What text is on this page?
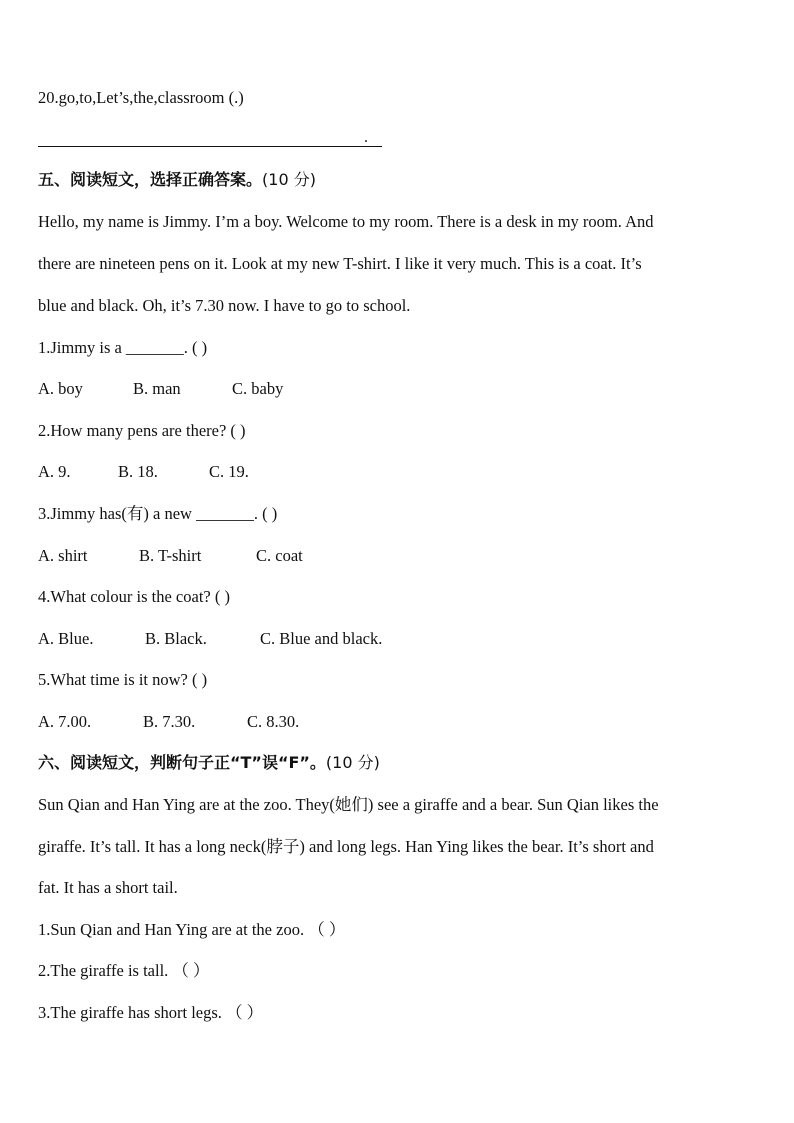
20.go,to,Let’s,the,classroom (.)
.
五、阅读短文，选择正确答案。(10 分)
Hello, my name is Jimmy. I’m a boy. Welcome to my room. There is a desk in my room. And
there are nineteen pens on it. Look at my new T-shirt. I like it very much. This is a coat. It’s
blue and black. Oh, it’s 7.30 now. I have to go to school.
1.Jimmy is a _______. ( )
A. boy	B. man	C. baby
2.How many pens are there? ( )
A. 9.	B. 18.	C. 19.
3.Jimmy has(有) a new _______. ( )
A. shirt	B. T-shirt	C. coat
4.What colour is the coat? ( )
A. Blue.	B. Black.	C. Blue and black.
5.What time is it now? ( )
A. 7.00.	B. 7.30.	C. 8.30.
六、阅读短文，判断句子正“T”误“F”。(10 分)
Sun Qian and Han Ying are at the zoo. They(她们) see a giraffe and a bear. Sun Qian likes the
giraffe. It’s tall. It has a long neck(脖子) and long legs. Han Ying likes the bear. It’s short and
fat. It has a short tail.
1.Sun Qian and Han Ying are at the zoo. （ ）
2.The giraffe is tall. （ ）
3.The giraffe has short legs. （ ）
